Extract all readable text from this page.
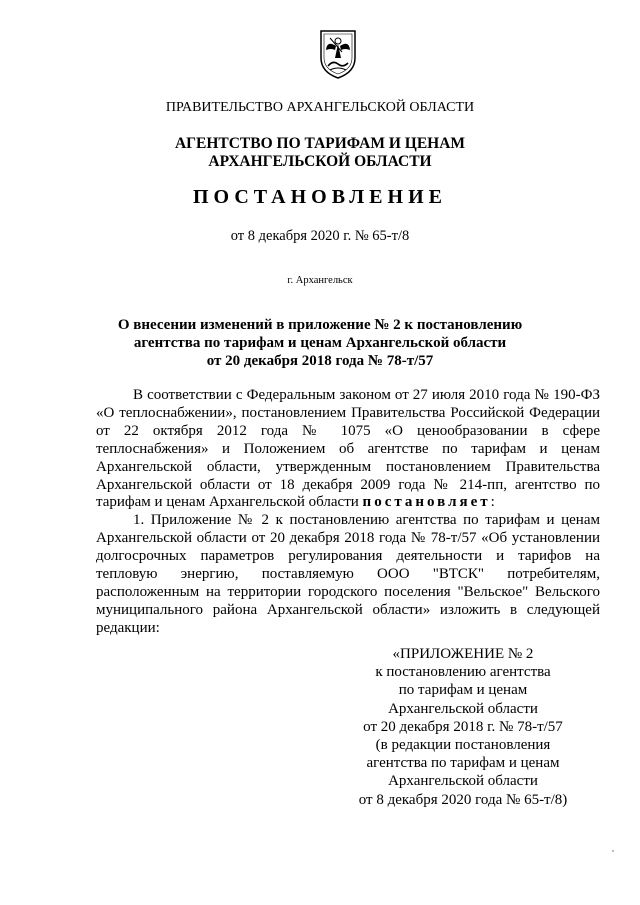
ПРАВИТЕЛЬСТВО АРХАНГЕЛЬСКОЙ ОБЛАСТИ
АГЕНТСТВО ПО ТАРИФАМ И ЦЕНАМ
АРХАНГЕЛЬСКОЙ ОБЛАСТИ
ПОСТАНОВЛЕНИЕ
от 8 декабря 2020 г. № 65-т/8
г. Архангельск
О внесении изменений в приложение № 2 к постановлению
агентства по тарифам и ценам Архангельской области
от 20 декабря 2018 года № 78-т/57

В соответствии с Федеральным законом от 27 июля 2010 года № 190-ФЗ «О теплоснабжении», постановлением Правительства Российской Федерации от 22 октября 2012 года № 1075 «О ценообразовании в сфере теплоснабжения» и Положением об агентстве по тарифам и ценам Архангельской области, утвержденным постановлением Правительства Архангельской области от 18 декабря 2009 года № 214-пп, агентство по тарифам и ценам Архангельской области постановляет:

1. Приложение № 2 к постановлению агентства по тарифам и ценам Архангельской области от 20 декабря 2018 года № 78-т/57 «Об установлении долгосрочных параметров регулирования деятельности и тарифов на тепловую энергию, поставляемую ООО "ВТСК" потребителям, расположенным на территории городского поселения "Вельское" Вельского муниципального района Архангельской области» изложить в следующей редакции:

«ПРИЛОЖЕНИЕ № 2
к постановлению агентства
по тарифам и ценам
Архангельской области
от 20 декабря 2018 г. № 78-т/57
(в редакции постановления
агентства по тарифам и ценам
Архангельской области
от 8 декабря 2020 года № 65-т/8)
